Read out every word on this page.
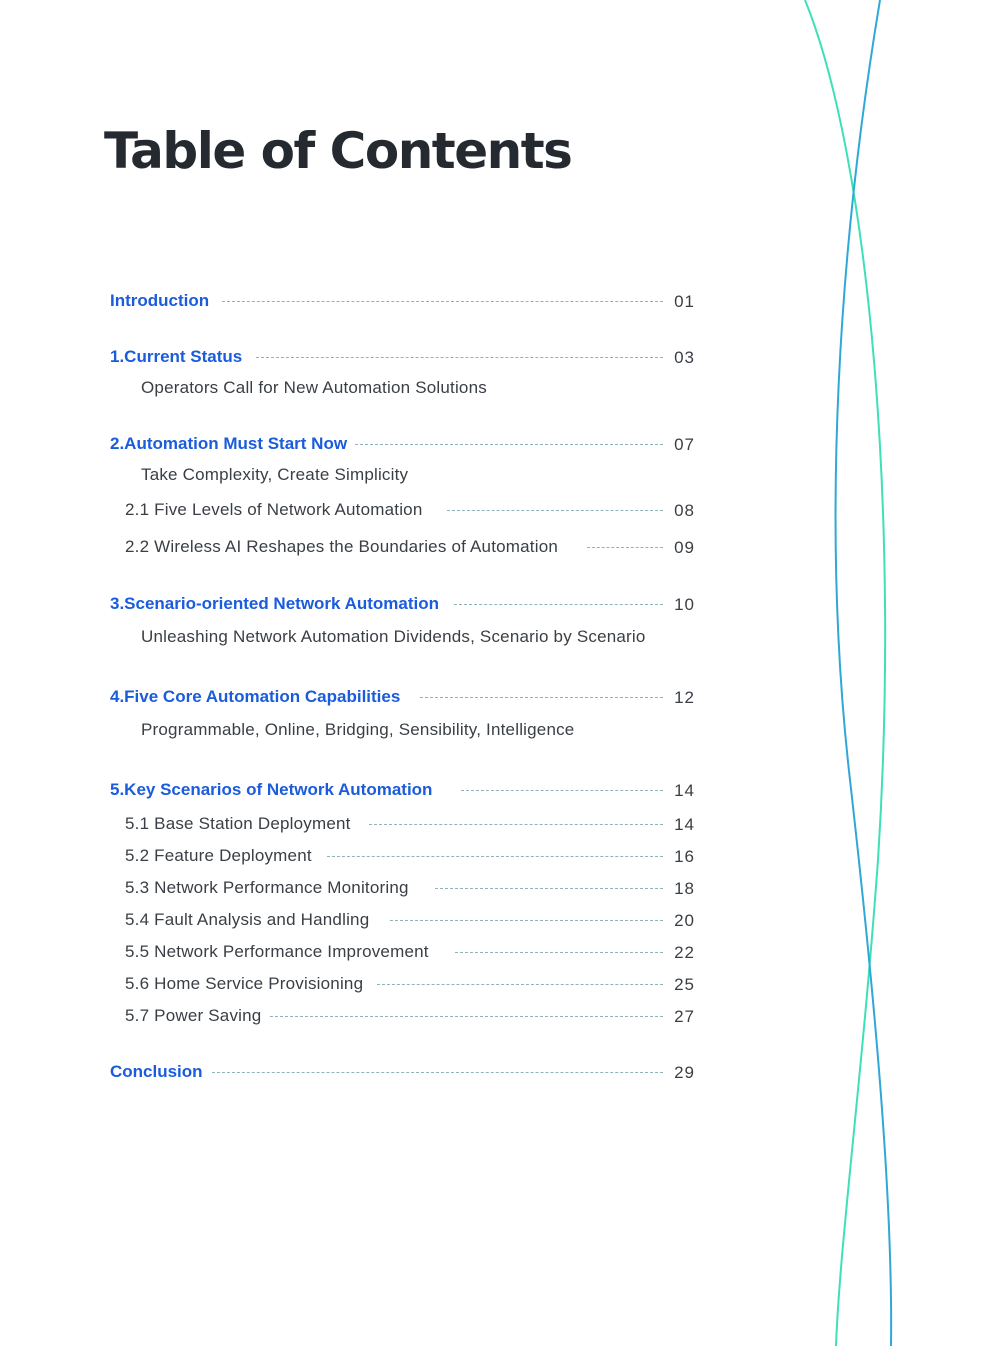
Table of Contents
Introduction	01
1.Current Status	03
Operators Call for New Automation Solutions
2.Automation Must Start Now	07
Take Complexity, Create Simplicity
2.1 Five Levels of Network Automation	08
2.2 Wireless AI Reshapes the Boundaries of Automation	09
3.Scenario-oriented Network Automation	10
Unleashing Network Automation Dividends, Scenario by Scenario
4.Five Core Automation Capabilities	12
Programmable, Online, Bridging, Sensibility, Intelligence
5.Key Scenarios of Network Automation	14
5.1 Base Station Deployment	14
5.2 Feature Deployment	16
5.3 Network Performance Monitoring	18
5.4 Fault Analysis and Handling	20
5.5 Network Performance Improvement	22
5.6 Home Service Provisioning	25
5.7 Power Saving	27
Conclusion	29
